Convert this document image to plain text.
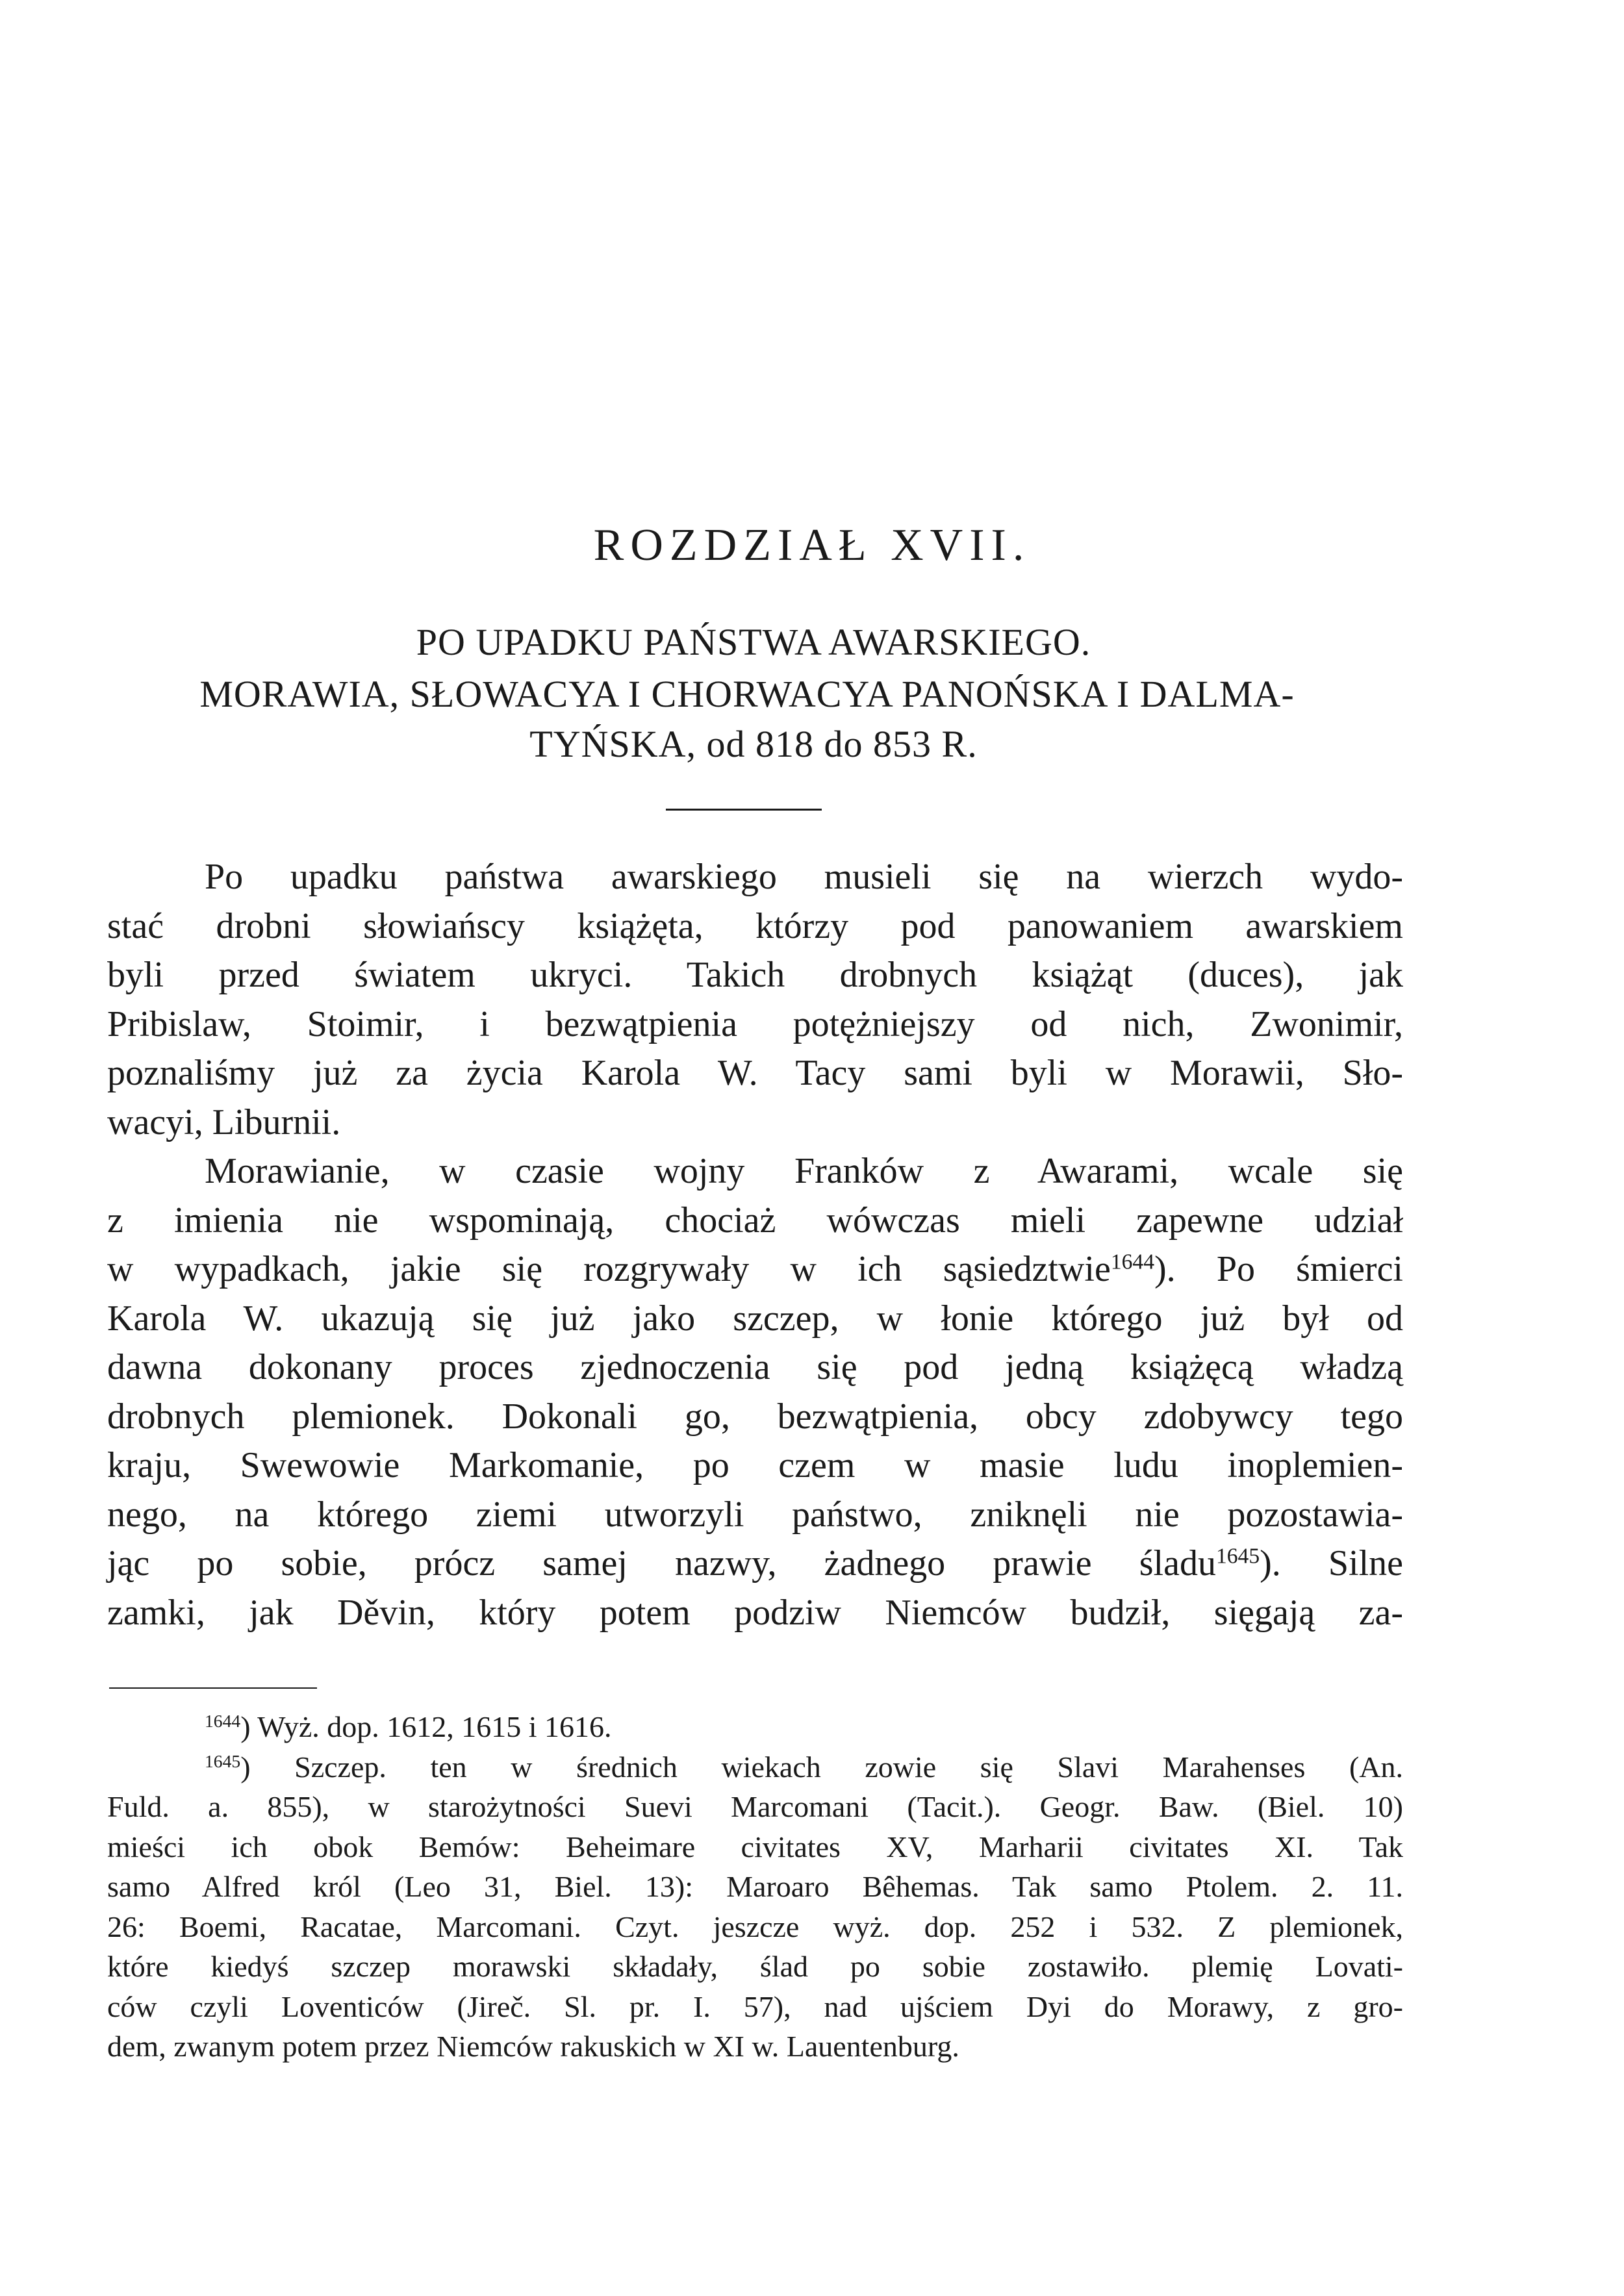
ROZDZIAŁ XVII.
PO UPADKU PAŃSTWA AWARSKIEGO.
MORAWIA, SŁOWACYA I CHORWACYA PANOŃSKA I DALMA-
TYŃSKA, od 818 do 853 R.
Po upadku państwa awarskiego musieli się na wierzch wydo-
stać drobni słowiańscy książęta, którzy pod panowaniem awarskiem
byli przed światem ukryci. Takich drobnych książąt (duces), jak
Pribislaw, Stoimir, i bezwątpienia potężniejszy od nich, Zwonimir,
poznaliśmy już za życia Karola W. Tacy sami byli w Morawii, Sło-
wacyi, Liburnii.
Morawianie, w czasie wojny Franków z Awarami, wcale się
z imienia nie wspominają, chociaż wówczas mieli zapewne udział
w wypadkach, jakie się rozgrywały w ich sąsiedztwie$^{1644}$). Po śmierci
Karola W. ukazują się już jako szczep, w łonie którego już był od
dawna dokonany proces zjednoczenia się pod jedną książęcą władzą
drobnych plemionek. Dokonali go, bezwątpienia, obcy zdobywcy tego
kraju, Swewowie Markomanie, po czem w masie ludu inoplemien-
nego, na którego ziemi utworzyli państwo, zniknęli nie pozostawia-
jąc po sobie, prócz samej nazwy, żadnego prawie śladu$^{1645}$). Silne
zamki, jak Děvin, który potem podziw Niemców budził, sięgają za-
$^{1644}$) Wyż. dop. 1612, 1615 i 1616.
$^{1645}$) Szczep. ten w średnich wiekach zowie się Slavi Marahenses (An.
Fuld. a. 855), w starożytności Suevi Marcomani (Tacit.). Geogr. Baw. (Biel. 10)
mieści ich obok Bemów: Beheimare civitates XV, Marharii civitates XI. Tak
samo Alfred król (Leo 31, Biel. 13): Maroaro Bêhemas. Tak samo Ptolem. 2. 11.
26: Boemi, Racatae, Marcomani. Czyt. jeszcze wyż. dop. 252 i 532. Z plemionek,
które kiedyś szczep morawski składały, ślad po sobie zostawiło. plemię Lovati-
ców czyli Loventiców (Jireč. Sl. pr. I. 57), nad ujściem Dyi do Morawy, z gro-
dem, zwanym potem przez Niemców rakuskich w XI w. Lauentenburg.
